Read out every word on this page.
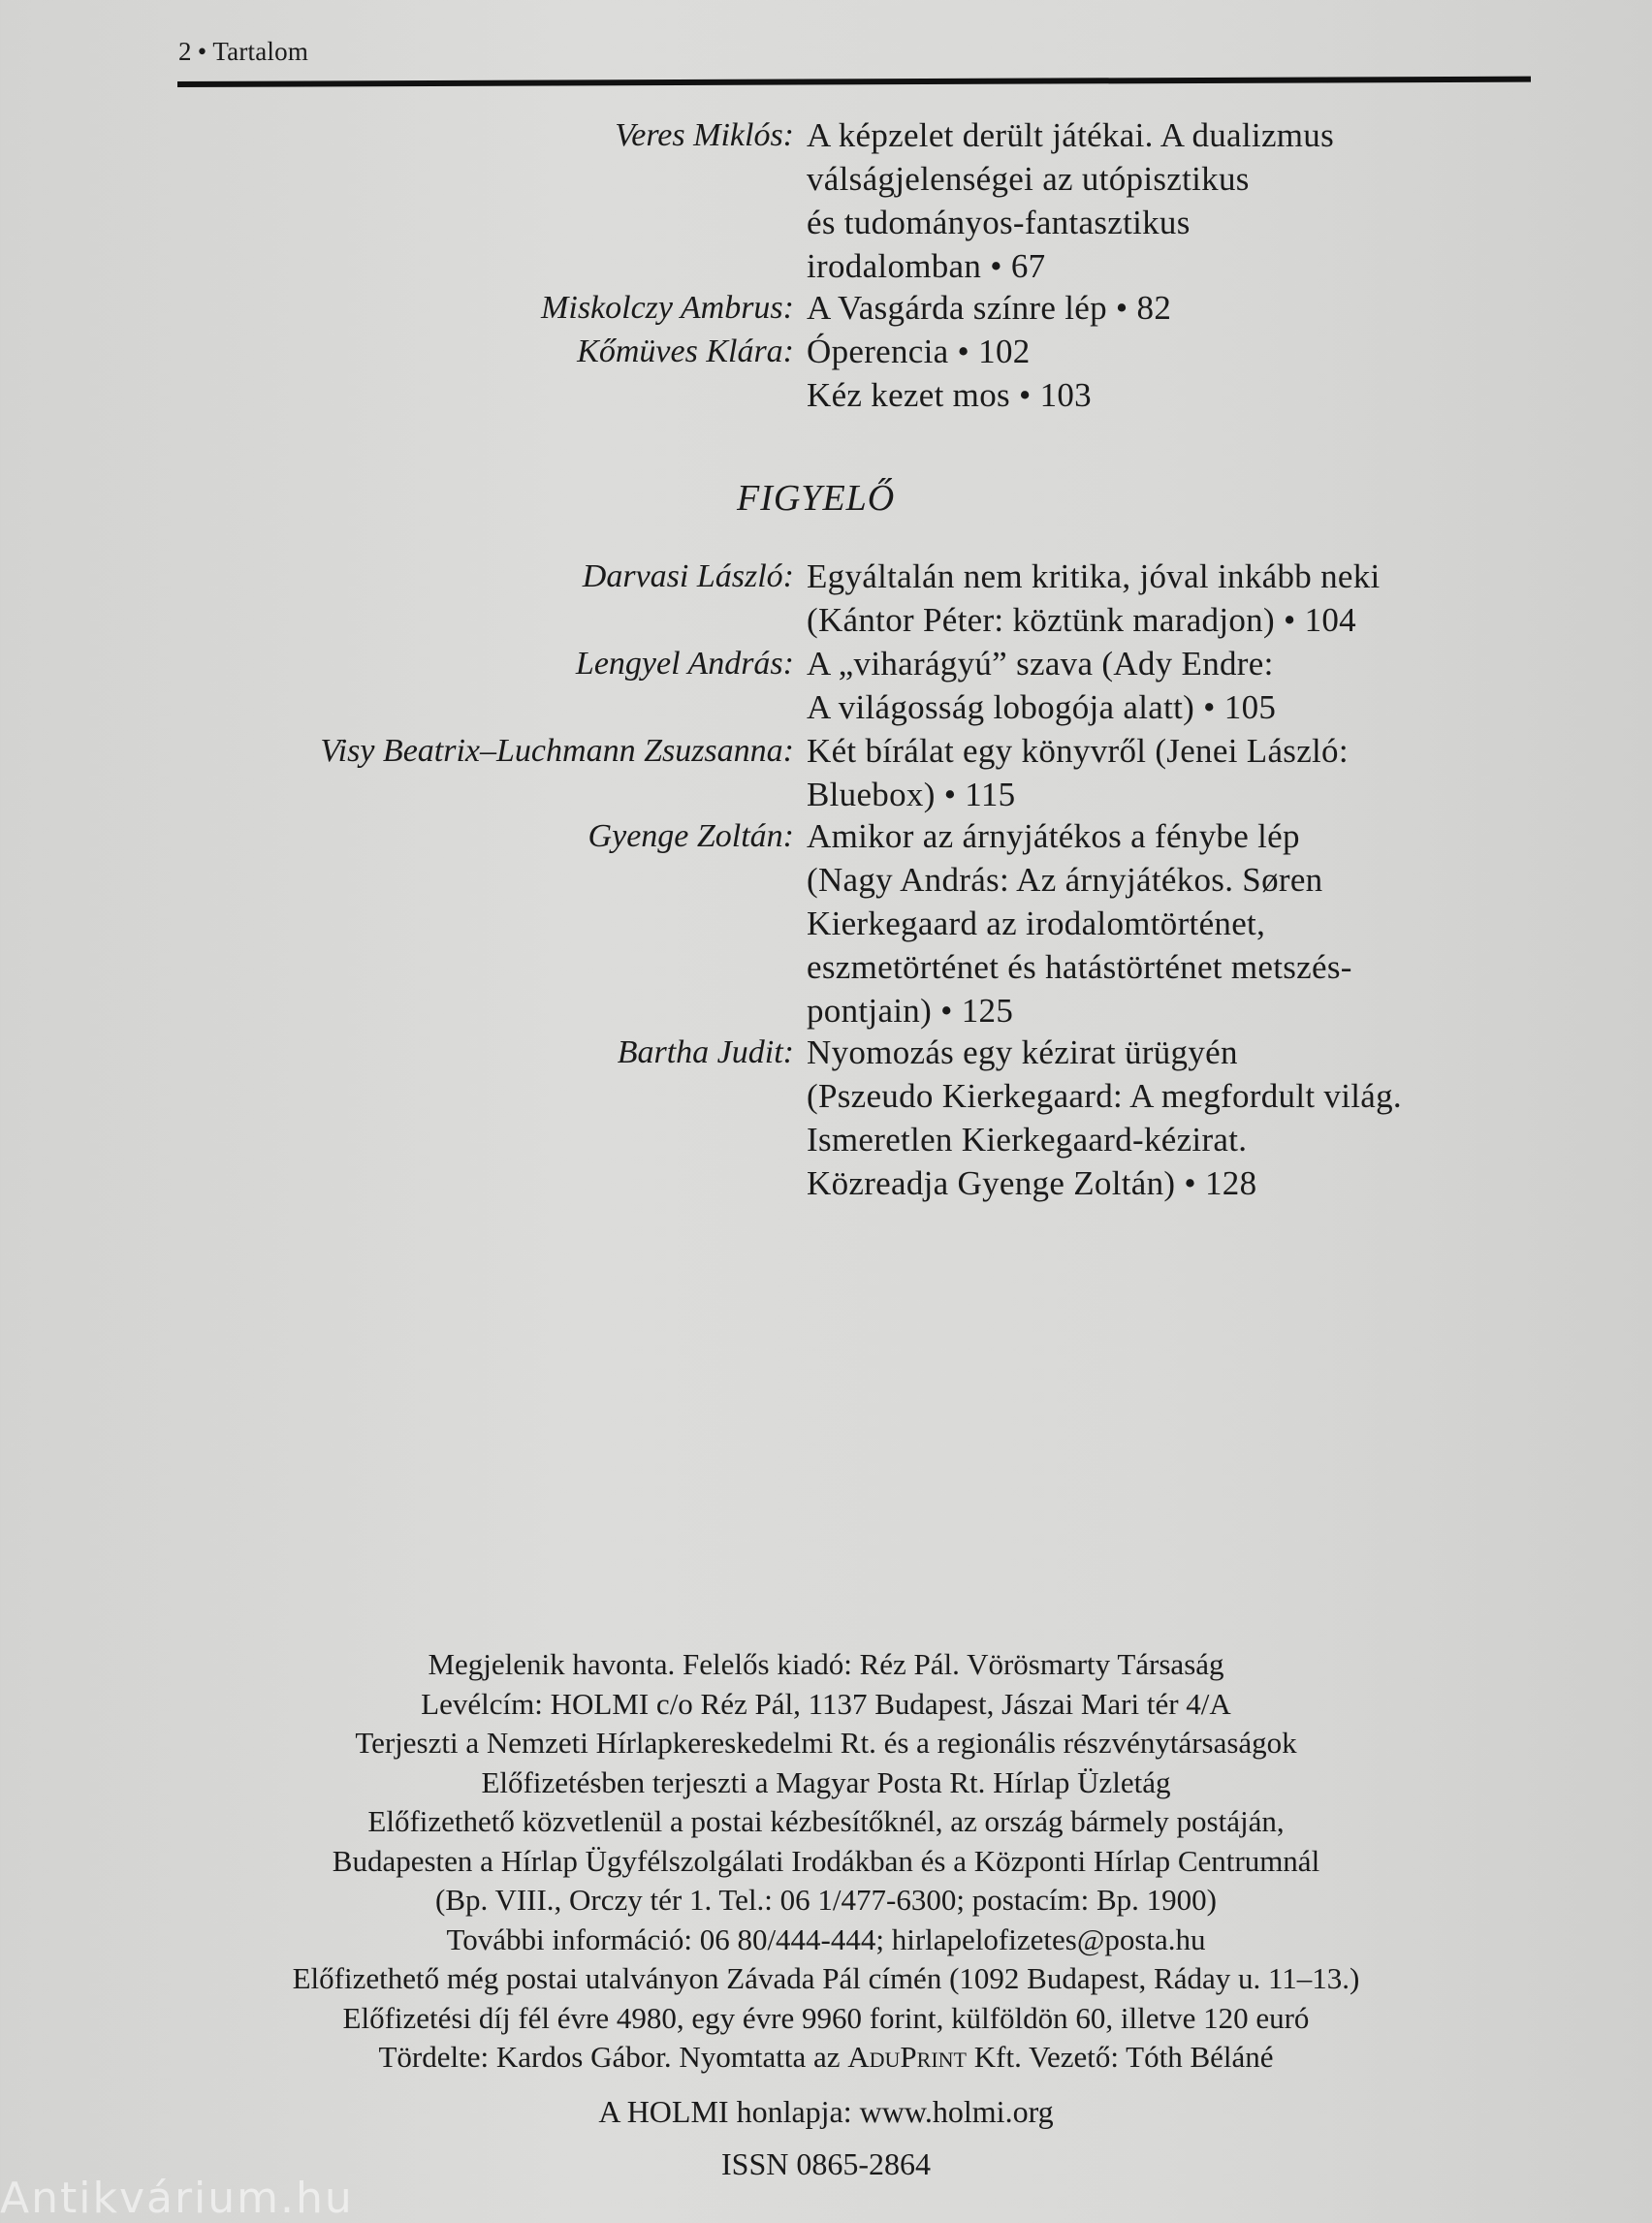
2 • Tartalom
Veres Miklós: A képzelet derült játékai. A dualizmus
válságjelenségei az utópisztikus
és tudományos-fantasztikus
irodalomban • 67
Miskolczy Ambrus: A Vasgárda színre lép • 82
Kőmüves Klára: Óperencia • 102
Kéz kezet mos • 103
FIGYELŐ
Darvasi László: Egyáltalán nem kritika, jóval inkább neki
(Kántor Péter: köztünk maradjon) • 104
Lengyel András: A „viharágyú” szava (Ady Endre:
A világosság lobogója alatt) • 105
Visy Beatrix–Luchmann Zsuzsanna: Két bírálat egy könyvről (Jenei László:
Bluebox) • 115
Gyenge Zoltán: Amikor az árnyjátékos a fénybe lép
(Nagy András: Az árnyjátékos. Søren
Kierkegaard az irodalomtörténet,
eszmetörténet és hatástörténet metszés-
pontjain) • 125
Bartha Judit: Nyomozás egy kézirat ürügyén
(Pszeudo Kierkegaard: A megfordult világ.
Ismeretlen Kierkegaard-kézirat.
Közreadja Gyenge Zoltán) • 128
Megjelenik havonta. Felelős kiadó: Réz Pál. Vörösmarty Társaság
Levélcím: HOLMI c/o Réz Pál, 1137 Budapest, Jászai Mari tér 4/A
Terjeszti a Nemzeti Hírlapkereskedelmi Rt. és a regionális részvénytársaságok
Előfizetésben terjeszti a Magyar Posta Rt. Hírlap Üzletág
Előfizethető közvetlenül a postai kézbesítőknél, az ország bármely postáján,
Budapesten a Hírlap Ügyfélszolgálati Irodákban és a Központi Hírlap Centrumnál
(Bp. VIII., Orczy tér 1. Tel.: 06 1/477-6300; postacím: Bp. 1900)
További információ: 06 80/444-444; hirlapelofizetes@posta.hu
Előfizethető még postai utalványon Závada Pál címén (1092 Budapest, Ráday u. 11–13.)
Előfizetési díj fél évre 4980, egy évre 9960 forint, külföldön 60, illetve 120 euró
Tördelte: Kardos Gábor. Nyomtatta az AduPrint Kft. Vezető: Tóth Béláné
A HOLMI honlapja: www.holmi.org
ISSN 0865-2864
Antikvárium.hu
